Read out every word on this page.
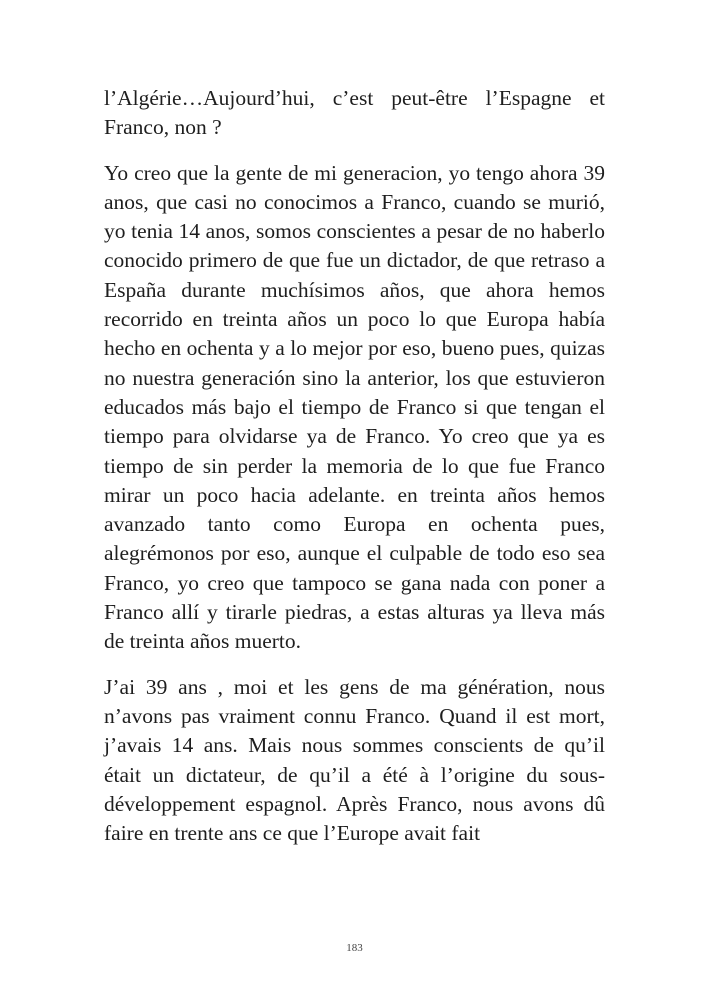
l’Algérie…Aujourd’hui, c’est peut-être l’Espagne et Franco, non ?

Yo creo que la gente de mi generacion, yo tengo ahora 39 anos, que casi no conocimos a Franco, cuando se murió, yo tenia 14 anos, somos conscientes a pesar de no haberlo conocido primero de que fue un dictador, de que retraso a España durante muchísimos años, que ahora hemos recorrido en treinta años un poco lo que Europa había hecho en ochenta y a lo mejor por eso, bueno pues, quizas no nuestra generación sino la anterior, los que estuvieron educados más bajo el tiempo de Franco si que tengan el tiempo para olvidarse ya de Franco. Yo creo que ya es tiempo de sin perder la memoria de lo que fue Franco mirar un poco hacia adelante. en treinta años hemos avanzado tanto como Europa en ochenta pues, alegrémonos por eso, aunque el culpable de todo eso sea Franco, yo creo que tampoco se gana nada con poner a Franco allí y tirarle piedras, a estas alturas ya lleva más de treinta años muerto.

J’ai 39 ans , moi et les gens de ma génération, nous n’avons pas vraiment connu Franco. Quand il est mort, j’avais 14 ans. Mais nous sommes conscients de qu’il était un dictateur, de qu’il a été à l’origine du sous-développement espagnol. Après Franco, nous avons dû faire en trente ans ce que l’Europe avait fait

183
